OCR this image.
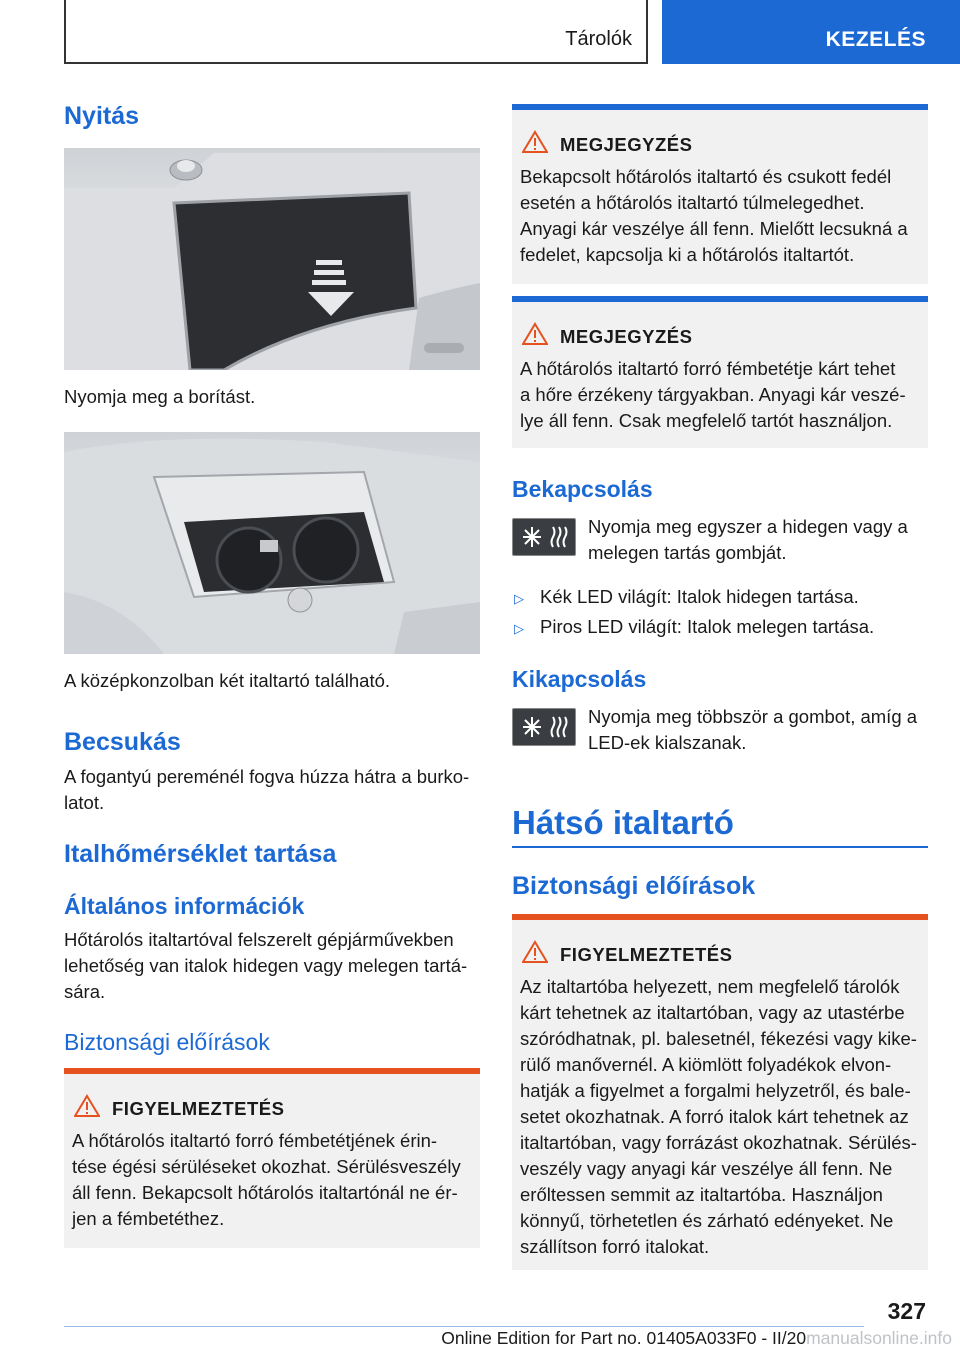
Tárolók	KEZELÉS
Nyitás

Nyomja meg a borítást.

A középkonzolban két italtartó található.

Becsukás

A fogantyú pereménél fogva húzza hátra a burko-
latot.

Italhőmérséklet tartása
Általános információk

Hőtárolós italtartóval felszerelt gépjárművekben
lehetőség van italok hidegen vagy melegen tartá-
sára.

Biztonsági előírások
FIGYELMEZTETÉS

A hőtárolós italtartó forró fémbetétjének érin-
tése égési sérüléseket okozhat. Sérülésveszély
áll fenn. Bekapcsolt hőtárolós italtartónál ne ér-
jen a fémbetéthez.

MEGJEGYZÉS

Bekapcsolt hőtárolós italtartó és csukott fedél
esetén a hőtárolós italtartó túlmelegedhet.
Anyagi kár veszélye áll fenn. Mielőtt lecsukná a
fedelet, kapcsolja ki a hőtárolós italtartót.

MEGJEGYZÉS

A hőtárolós italtartó forró fémbetétje kárt tehet
a hőre érzékeny tárgyakban. Anyagi kár veszé-
lye áll fenn. Csak megfelelő tartót használjon.

Bekapcsolás

Nyomja meg egyszer a hidegen vagy a
melegen tartás gombját.

▷ Kék LED világít: Italok hidegen tartása.
▷ Piros LED világít: Italok melegen tartása.
Kikapcsolás

Nyomja meg többször a gombot, amíg a
LED-ek kialszanak.

Hátsó italtartó
Biztonsági előírások
FIGYELMEZTETÉS

Az italtartóba helyezett, nem megfelelő tárolók
kárt tehetnek az italtartóban, vagy az utastérbe
szóródhatnak, pl. balesetnél, fékezési vagy kike-
rülő manővernél. A kiömlött folyadékok elvon-
hatják a figyelmet a forgalmi helyzetről, és bale-
setet okozhatnak. A forró italok kárt tehetnek az
italtartóban, vagy forrázást okozhatnak. Sérülés-
veszély vagy anyagi kár veszélye áll fenn. Ne
erőltessen semmit az italtartóba. Használjon
könnyű, törhetetlen és zárható edényeket. Ne
szállítson forró italokat.

327
Online Edition for Part no. 01405A033F0 - II/20manualsonline.info
